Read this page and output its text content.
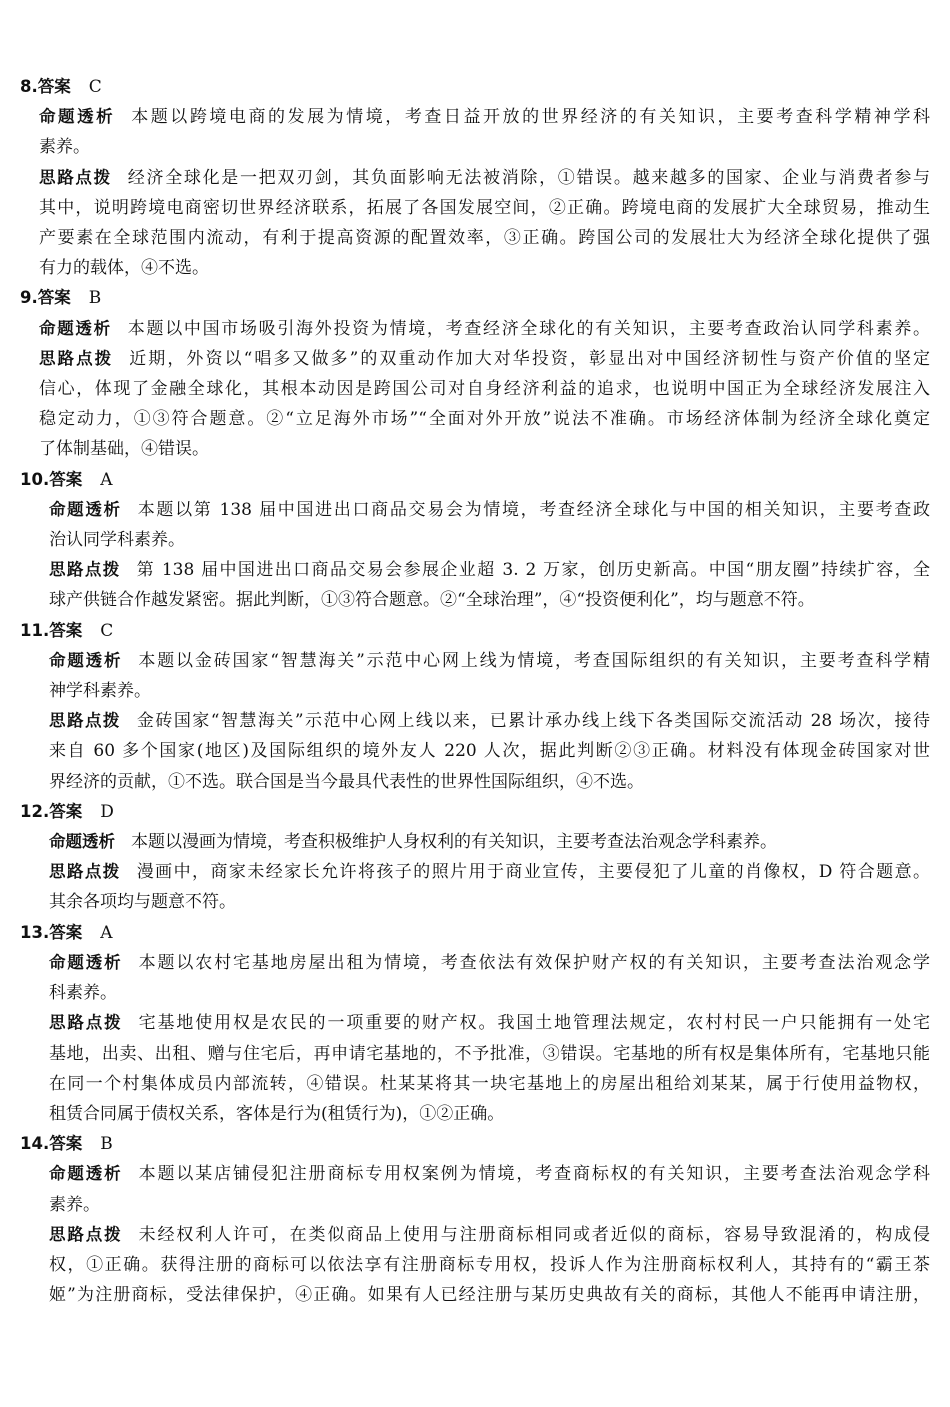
8.答案 C

命题透析 本题以跨境电商的发展为情境，考查日益开放的世界经济的有关知识，主要考查科学精神学科

素养。

思路点拨 经济全球化是一把双刃剑，其负面影响无法被消除，①错误。越来越多的国家、企业与消费者参与

其中，说明跨境电商密切世界经济联系，拓展了各国发展空间，②正确。跨境电商的发展扩大全球贸易，推动生

产要素在全球范围内流动，有利于提高资源的配置效率，③正确。跨国公司的发展壮大为经济全球化提供了强

有力的载体，④不选。

9.答案 B

命题透析 本题以中国市场吸引海外投资为情境，考查经济全球化的有关知识，主要考查政治认同学科素养。

思路点拨 近期，外资以“唱多又做多”的双重动作加大对华投资，彰显出对中国经济韧性与资产价值的坚定

信心，体现了金融全球化，其根本动因是跨国公司对自身经济利益的追求，也说明中国正为全球经济发展注入

稳定动力，①③符合题意。②“立足海外市场”“全面对外开放”说法不准确。市场经济体制为经济全球化奠定

了体制基础，④错误。

10.答案 A

命题透析 本题以第 138 届中国进出口商品交易会为情境，考查经济全球化与中国的相关知识，主要考查政

治认同学科素养。

思路点拨 第 138 届中国进出口商品交易会参展企业超 3. 2 万家，创历史新高。中国“朋友圈”持续扩容，全

球产供链合作越发紧密。据此判断，①③符合题意。②“全球治理”，④“投资便利化”，均与题意不符。

11.答案 C

命题透析 本题以金砖国家“智慧海关”示范中心网上线为情境，考查国际组织的有关知识，主要考查科学精

神学科素养。

思路点拨 金砖国家“智慧海关”示范中心网上线以来，已累计承办线上线下各类国际交流活动 28 场次，接待

来自 60 多个国家(地区)及国际组织的境外友人 220 人次，据此判断②③正确。材料没有体现金砖国家对世

界经济的贡献，①不选。联合国是当今最具代表性的世界性国际组织，④不选。

12.答案 D

命题透析 本题以漫画为情境，考查积极维护人身权利的有关知识，主要考查法治观念学科素养。

思路点拨 漫画中，商家未经家长允许将孩子的照片用于商业宣传，主要侵犯了儿童的肖像权，D 符合题意。

其余各项均与题意不符。

13.答案 A

命题透析 本题以农村宅基地房屋出租为情境，考查依法有效保护财产权的有关知识，主要考查法治观念学

科素养。

思路点拨 宅基地使用权是农民的一项重要的财产权。我国土地管理法规定，农村村民一户只能拥有一处宅

基地，出卖、出租、赠与住宅后，再申请宅基地的，不予批准，③错误。宅基地的所有权是集体所有，宅基地只能

在同一个村集体成员内部流转，④错误。杜某某将其一块宅基地上的房屋出租给刘某某，属于行使用益物权，

租赁合同属于债权关系，客体是行为(租赁行为)，①②正确。

14.答案 B

命题透析 本题以某店铺侵犯注册商标专用权案例为情境，考查商标权的有关知识，主要考查法治观念学科

素养。

思路点拨 未经权利人许可，在类似商品上使用与注册商标相同或者近似的商标，容易导致混淆的，构成侵

权，①正确。获得注册的商标可以依法享有注册商标专用权，投诉人作为注册商标权利人，其持有的“霸王茶

姬”为注册商标，受法律保护，④正确。如果有人已经注册与某历史典故有关的商标，其他人不能再申请注册，
